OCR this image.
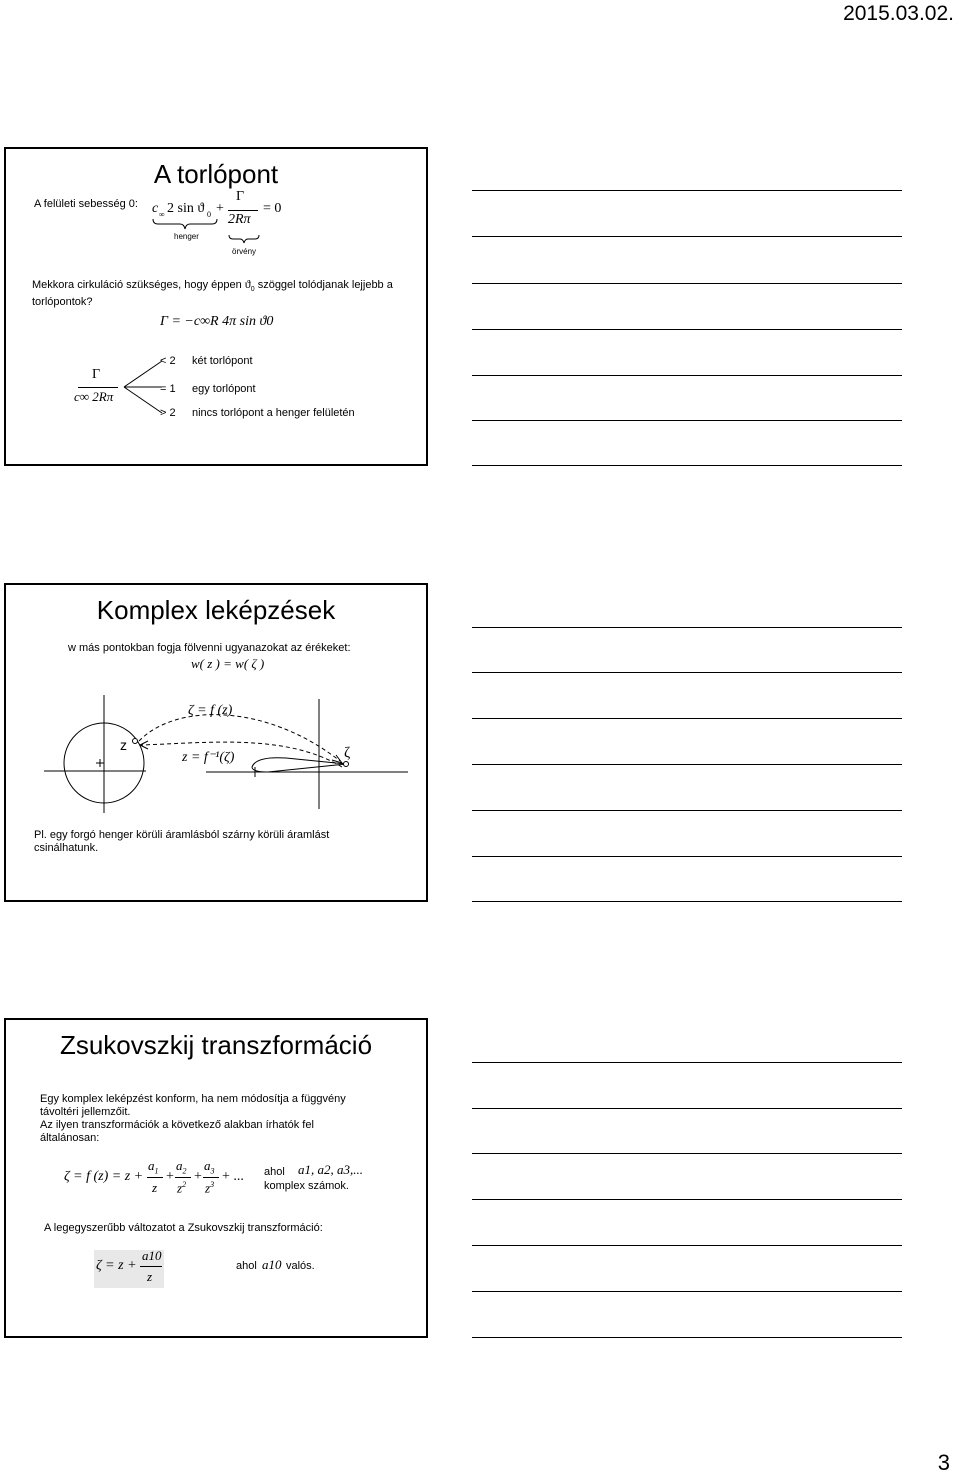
2015.03.02.
A torlópont
A felületi sebesség 0: c ∞ 2 sin ϑ 0 +
Γ
2Rπ
= 0
henger
örvény
Mekkora cirkuláció szükséges, hogy éppen $ϑ_0$ szöggel tolódjanak lejjebb a
torlópontok?
Γ = −c∞R 4π sin ϑ0
Γ
c∞ 2Rπ
< 2 két torlópont
= 1 egy torlópont
> 2 nincs torlópont a henger felületén
Komplex leképzések
w más pontokban fogja fölvenni ugyanazokat az érékeket:
w( z ) = w( ζ )
ζ = f (z)
z = f⁻¹(ζ)
z	ζ
Pl. egy forgó henger körüli áramlásból szárny körüli áramlást
csinálhatunk.
Zsukovszkij transzformáció
Egy komplex leképzést konform, ha nem módosítja a függvény
távoltéri jellemzőit.
Az ilyen transzformációk a következő alakban írhatók fel
általánosan:
ζ = f (z) = z +
$a_1$
z
+
$a_2$
$z^2$
+
$a_3$
$z^3$
+ ... ahol a1, a2, a3,...
komplex számok.
A legegyszerűbb változatot a Zsukovszkij transzformáció:
ζ = z +
a10
z
ahol a10 valós.
3
